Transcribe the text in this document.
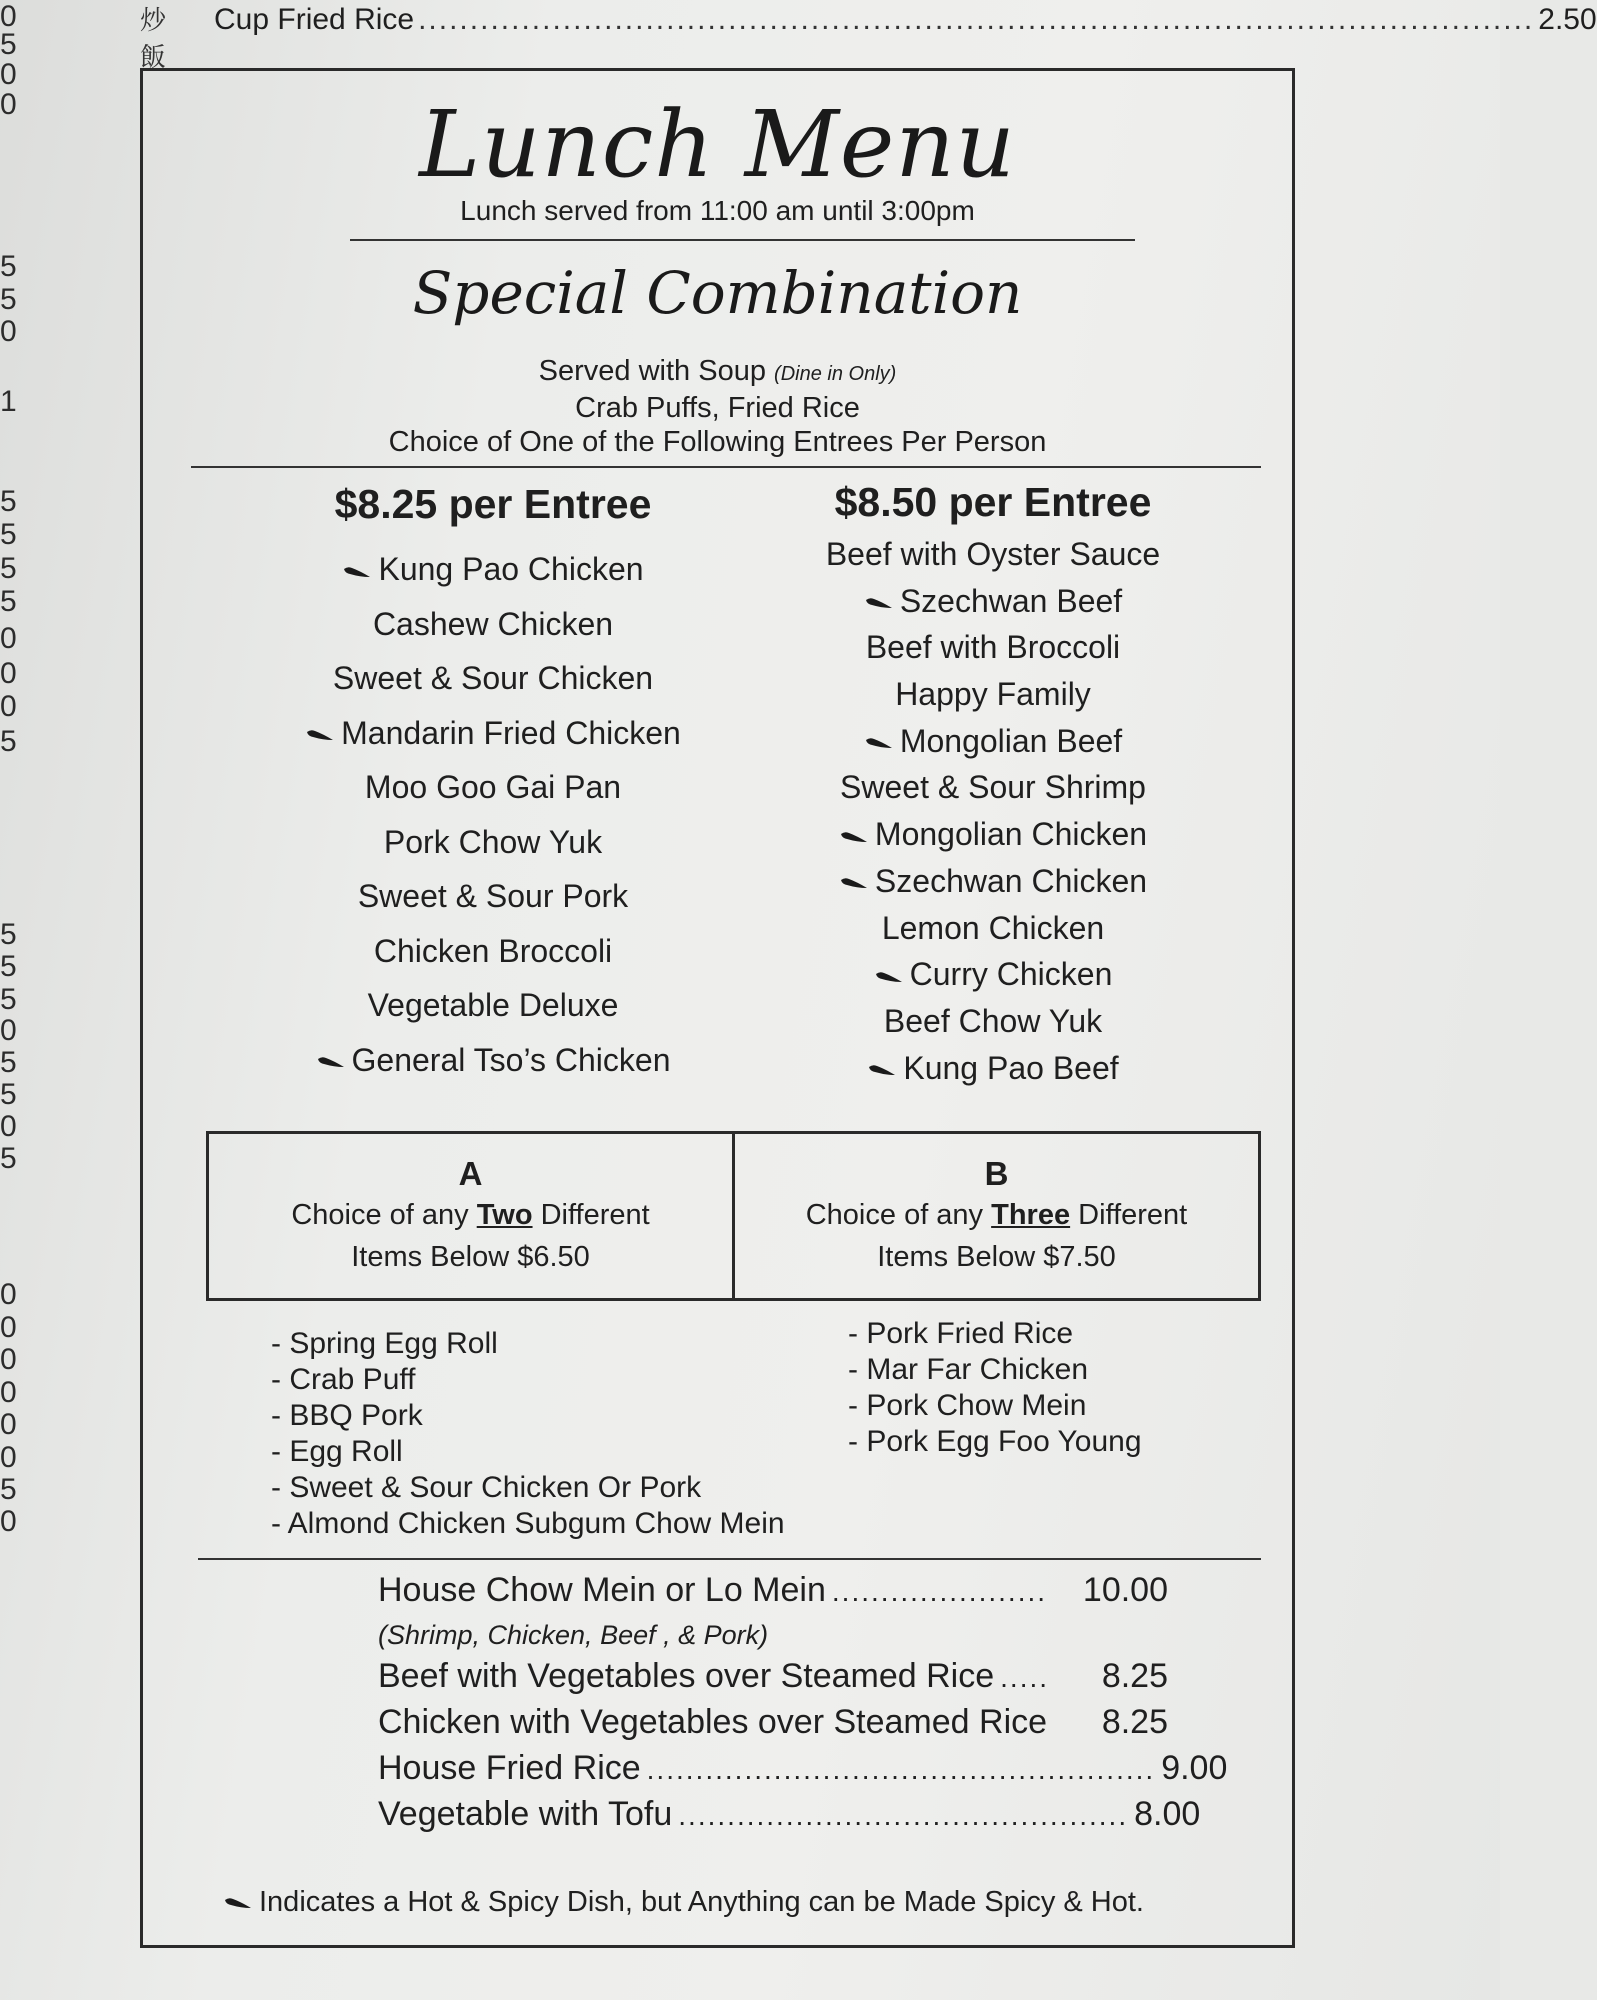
0
5
0
0
5
5
0
1
5
5
5
5
0
0
0
5
5
5
5
0
5
5
0
5
0
0
0
0
0
0
5
0
炒 飯
Cup Fried Rice ............................................................................................................ 2.50
Lunch Menu
Lunch served from 11:00 am until 3:00pm
Special Combination
Served with Soup (Dine in Only)
Crab Puffs, Fried Rice
Choice of One of the Following Entrees Per Person
$8.25 per Entree
Kung Pao Chicken
Cashew Chicken
Sweet & Sour Chicken
Mandarin Fried Chicken
Moo Goo Gai Pan
Pork Chow Yuk
Sweet & Sour Pork
Chicken Broccoli
Vegetable Deluxe
General Tso’s Chicken
$8.50 per Entree
Beef with Oyster Sauce
Szechwan Beef
Beef with Broccoli
Happy Family
Mongolian Beef
Sweet & Sour Shrimp
Mongolian Chicken
Szechwan Chicken
Lemon Chicken
Curry Chicken
Beef Chow Yuk
Kung Pao Beef
A
Choice of any Two Different
Items Below $6.50
B
Choice of any Three Different
Items Below $7.50
- Spring Egg Roll
- Crab Puff
- BBQ Pork
- Egg Roll
- Sweet & Sour Chicken Or Pork
- Almond Chicken Subgum Chow Mein
- Pork Fried Rice
- Mar Far Chicken
- Pork Chow Mein
- Pork Egg Foo Young
House Chow Mein or Lo Mein ......................	10.00
(Shrimp, Chicken, Beef , & Pork)
Beef with Vegetables over Steamed Rice .....	8.25
Chicken with Vegetables over Steamed Rice 8.25
House Fried Rice .................................................... 9.00
Vegetable with Tofu .............................................. 8.00
Indicates a Hot & Spicy Dish, but Anything can be Made Spicy & Hot.
